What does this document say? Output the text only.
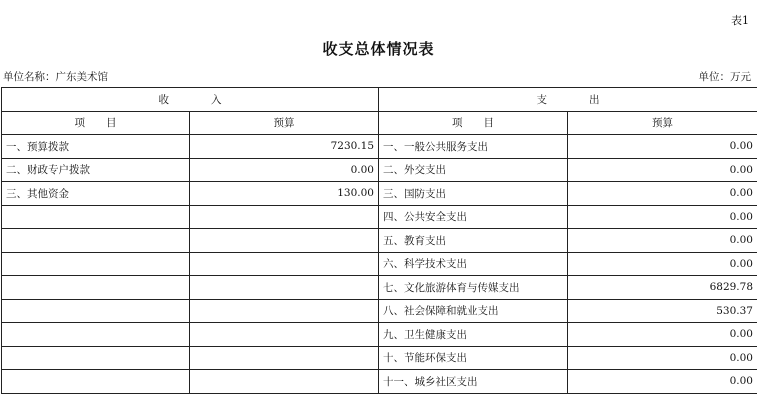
表1
收支总体情况表
单位名称：广东美术馆	单位：万元
收　　　　入		支　　　　出	
项　　目	预算	项　　目	预算
一、预算拨款	7230.15	一、一般公共服务支出	0.00
二、财政专户拨款	0.00	二、外交支出	0.00
三、其他资金	130.00	三、国防支出	0.00
		四、公共安全支出	0.00
		五、教育支出	0.00
		六、科学技术支出	0.00
		七、文化旅游体育与传媒支出	6829.78
		八、社会保障和就业支出	530.37
		九、卫生健康支出	0.00
		十、节能环保支出	0.00
		十一、城乡社区支出	0.00
